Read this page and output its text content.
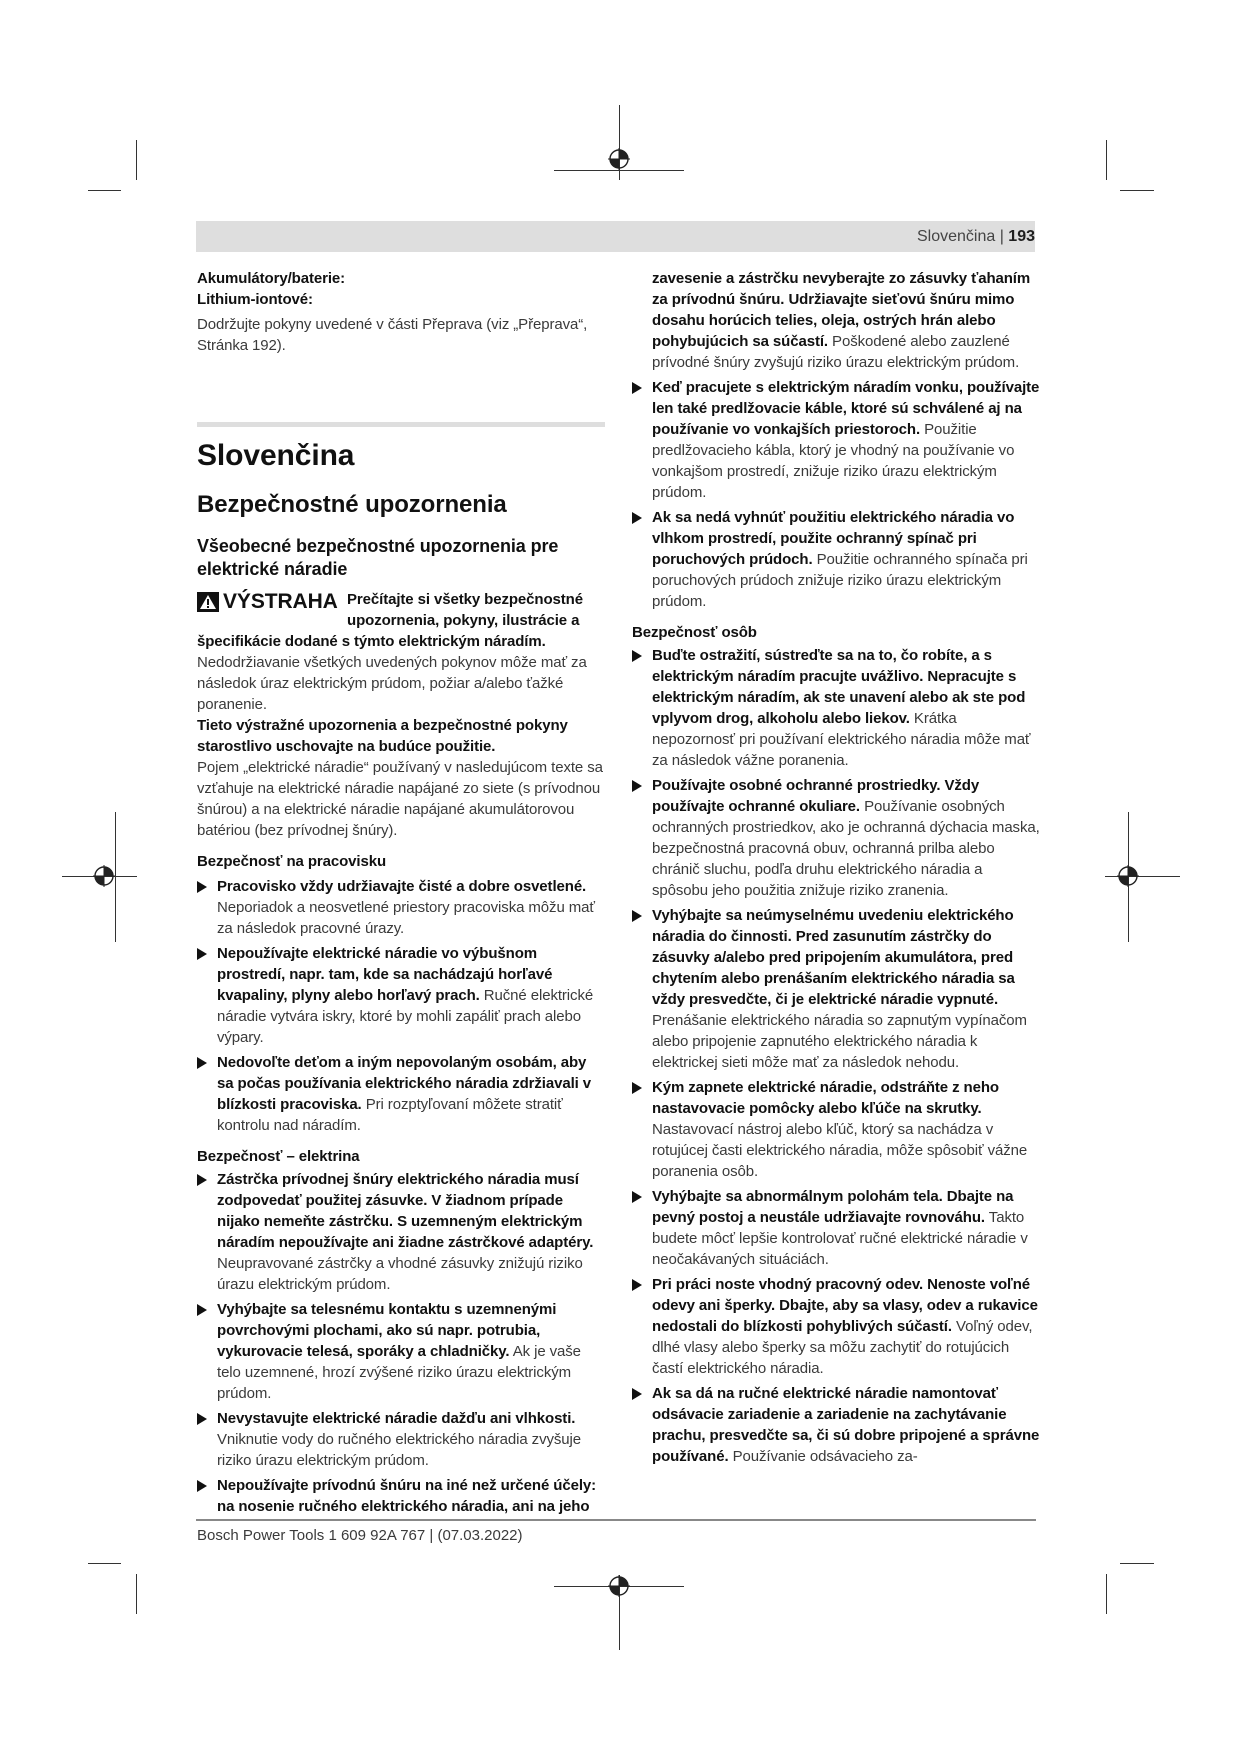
Slovenčina | 193

Akumulátory/baterie:

Lithium-iontové:

Dodržujte pokyny uvedené v části Přeprava (viz „Přeprava“, Stránka 192).

Slovenčina
Bezpečnostné upozornenia
Všeobecné bezpečnostné upozornenia pre elektrické náradie
VÝSTRAHA Prečítajte si všetky bezpečnostné upozornenia, pokyny, ilustrácie a špecifikácie dodané s týmto elektrickým náradím.

Nedodržiavanie všetkých uvedených pokynov môže mať za následok úraz elektrickým prúdom, požiar a/alebo ťažké poranenie.

Tieto výstražné upozornenia a bezpečnostné pokyny starostlivo uschovajte na budúce použitie.

Pojem „elektrické náradie“ používaný v nasledujúcom texte sa vzťahuje na elektrické náradie napájané zo siete (s prívodnou šnúrou) a na elektrické náradie napájané akumulátorovou batériou (bez prívodnej šnúry).

Bezpečnosť na pracovisku

Pracovisko vždy udržiavajte čisté a dobre osvetlené. Neporiadok a neosvetlené priestory pracoviska môžu mať za následok pracovné úrazy.

Nepoužívajte elektrické náradie vo výbušnom prostredí, napr. tam, kde sa nachádzajú horľavé kvapaliny, plyny alebo horľavý prach. Ručné elektrické náradie vytvára iskry, ktoré by mohli zapáliť prach alebo výpary.

Nedovoľte deťom a iným nepovolaným osobám, aby sa počas používania elektrického náradia zdržiavali v blízkosti pracoviska. Pri rozptyľovaní môžete stratiť kontrolu nad náradím.

Bezpečnosť – elektrina

Zástrčka prívodnej šnúry elektrického náradia musí zodpovedať použitej zásuvke. V žiadnom prípade nijako nemeňte zástrčku. S uzemneným elektrickým náradím nepoužívajte ani žiadne zástrčkové adaptéry. Neupravované zástrčky a vhodné zásuvky znižujú riziko úrazu elektrickým prúdom.

Vyhýbajte sa telesnému kontaktu s uzemnenými povrchovými plochami, ako sú napr. potrubia, vykurovacie telesá, sporáky a chladničky. Ak je vaše telo uzemnené, hrozí zvýšené riziko úrazu elektrickým prúdom.

Nevystavujte elektrické náradie dažďu ani vlhkosti. Vniknutie vody do ručného elektrického náradia zvyšuje riziko úrazu elektrickým prúdom.

Nepoužívajte prívodnú šnúru na iné než určené účely: na nosenie ručného elektrického náradia, ani na jeho

zavesenie a zástrčku nevyberajte zo zásuvky ťahaním za prívodnú šnúru. Udržiavajte sieťovú šnúru mimo dosahu horúcich telies, oleja, ostrých hrán alebo pohybujúcich sa súčastí. Poškodené alebo zauzlené prívodné šnúry zvyšujú riziko úrazu elektrickým prúdom.

Keď pracujete s elektrickým náradím vonku, používajte len také predlžovacie káble, ktoré sú schválené aj na používanie vo vonkajších priestoroch. Použitie predlžovacieho kábla, ktorý je vhodný na používanie vo vonkajšom prostredí, znižuje riziko úrazu elektrickým prúdom.

Ak sa nedá vyhnúť použitiu elektrického náradia vo vlhkom prostredí, použite ochranný spínač pri poruchových prúdoch. Použitie ochranného spínača pri poruchových prúdoch znižuje riziko úrazu elektrickým prúdom.

Bezpečnosť osôb

Buďte ostražití, sústreďte sa na to, čo robíte, a s elektrickým náradím pracujte uvážlivo. Nepracujte s elektrickým náradím, ak ste unavení alebo ak ste pod vplyvom drog, alkoholu alebo liekov. Krátka nepozornosť pri používaní elektrického náradia môže mať za následok vážne poranenia.

Používajte osobné ochranné prostriedky. Vždy používajte ochranné okuliare. Používanie osobných ochranných prostriedkov, ako je ochranná dýchacia maska, bezpečnostná pracovná obuv, ochranná prilba alebo chránič sluchu, podľa druhu elektrického náradia a spôsobu jeho použitia znižuje riziko zranenia.

Vyhýbajte sa neúmyselnému uvedeniu elektrického náradia do činnosti. Pred zasunutím zástrčky do zásuvky a/alebo pred pripojením akumulátora, pred chytením alebo prenášaním elektrického náradia sa vždy presvedčte, či je elektrické náradie vypnuté. Prenášanie elektrického náradia so zapnutým vypínačom alebo pripojenie zapnutého elektrického náradia k elektrickej sieti môže mať za následok nehodu.

Kým zapnete elektrické náradie, odstráňte z neho nastavovacie pomôcky alebo kľúče na skrutky. Nastavovací nástroj alebo kľúč, ktorý sa nachádza v rotujúcej časti elektrického náradia, môže spôsobiť vážne poranenia osôb.

Vyhýbajte sa abnormálnym polohám tela. Dbajte na pevný postoj a neustále udržiavajte rovnováhu. Takto budete môcť lepšie kontrolovať ručné elektrické náradie v neočakávaných situáciách.

Pri práci noste vhodný pracovný odev. Nenoste voľné odevy ani šperky. Dbajte, aby sa vlasy, odev a rukavice nedostali do blízkosti pohyblivých súčastí. Voľný odev, dlhé vlasy alebo šperky sa môžu zachytiť do rotujúcich častí elektrického náradia.

Ak sa dá na ručné elektrické náradie namontovať odsávacie zariadenie a zariadenie na zachytávanie prachu, presvedčte sa, či sú dobre pripojené a správne používané. Používanie odsávacieho za-

Bosch Power Tools 1 609 92A 767 | (07.03.2022)
